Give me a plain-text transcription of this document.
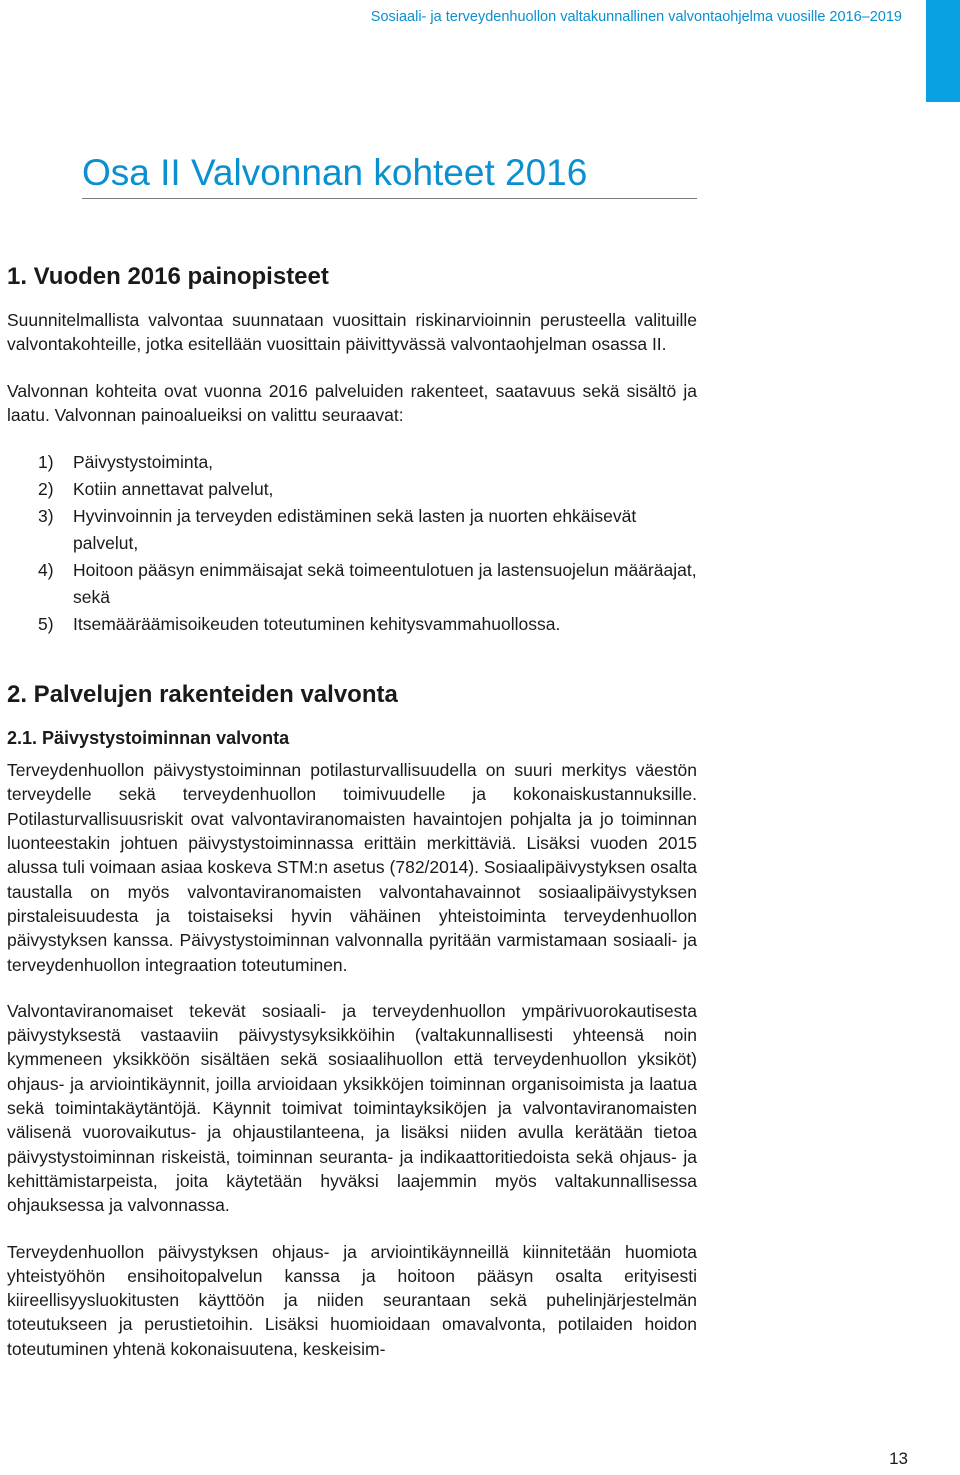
Sosiaali- ja terveydenhuollon valtakunnallinen valvontaohjelma vuosille 2016–2019
Osa II Valvonnan kohteet 2016
1. Vuoden 2016 painopisteet

Suunnitelmallista valvontaa suunnataan vuosittain riskinarvioinnin perusteella valituille valvontakohteille, jotka esitellään vuosittain päivittyvässä valvontaohjelman osassa II.

Valvonnan kohteita ovat vuonna 2016 palveluiden rakenteet, saatavuus sekä sisältö ja laatu. Valvonnan painoalueiksi on valittu seuraavat:

1) Päivystystoiminta,
2) Kotiin annettavat palvelut,
3) Hyvinvoinnin ja terveyden edistäminen sekä lasten ja nuorten ehkäisevät palvelut,
4) Hoitoon pääsyn enimmäisajat sekä toimeentulotuen ja lastensuojelun määräajat, sekä
5) Itsemääräämisoikeuden toteutuminen kehitysvammahuollossa.
2. Palvelujen rakenteiden valvonta
2.1. Päivystystoiminnan valvonta

Terveydenhuollon päivystystoiminnan potilasturvallisuudella on suuri merkitys väestön terveydelle sekä terveydenhuollon toimivuudelle ja kokonaiskustannuksille. Potilasturvallisuusriskit ovat valvontaviranomaisten havaintojen pohjalta ja jo toiminnan luonteestakin johtuen päivystystoiminnassa erittäin merkittäviä. Lisäksi vuoden 2015 alussa tuli voimaan asiaa koskeva STM:n asetus (782/2014). Sosiaalipäivystyksen osalta taustalla on myös valvontaviranomaisten valvontahavainnot sosiaalipäivystyksen pirstaleisuudesta ja toistaiseksi hyvin vähäinen yhteistoiminta terveydenhuollon päivystyksen kanssa. Päivystystoiminnan valvonnalla pyritään varmistamaan sosiaali- ja terveydenhuollon integraation toteutuminen.

Valvontaviranomaiset tekevät sosiaali- ja terveydenhuollon ympärivuorokautisesta päivystyksestä vastaaviin päivystysyksikköihin (valtakunnallisesti yhteensä noin kymmeneen yksikköön sisältäen sekä sosiaalihuollon että terveydenhuollon yksiköt) ohjaus- ja arviointikäynnit, joilla arvioidaan yksikköjen toiminnan organisoimista ja laatua sekä toimintakäytäntöjä. Käynnit toimivat toimintayksiköjen ja valvontaviranomaisten välisenä vuorovaikutus- ja ohjaustilanteena, ja lisäksi niiden avulla kerätään tietoa päivystystoiminnan riskeistä, toiminnan seuranta- ja indikaattoritiedoista sekä ohjaus- ja kehittämistarpeista, joita käytetään hyväksi laajemmin myös valtakunnallisessa ohjauksessa ja valvonnassa.

Terveydenhuollon päivystyksen ohjaus- ja arviointikäynneillä kiinnitetään huomiota yhteistyöhön ensihoitopalvelun kanssa ja hoitoon pääsyn osalta erityisesti kiireellisyysluokitusten käyttöön ja niiden seurantaan sekä puhelinjärjestelmän toteutukseen ja perustietoihin. Lisäksi huomioidaan omavalvonta, potilaiden hoidon toteutuminen yhtenä kokonaisuutena, keskeisim-

13
